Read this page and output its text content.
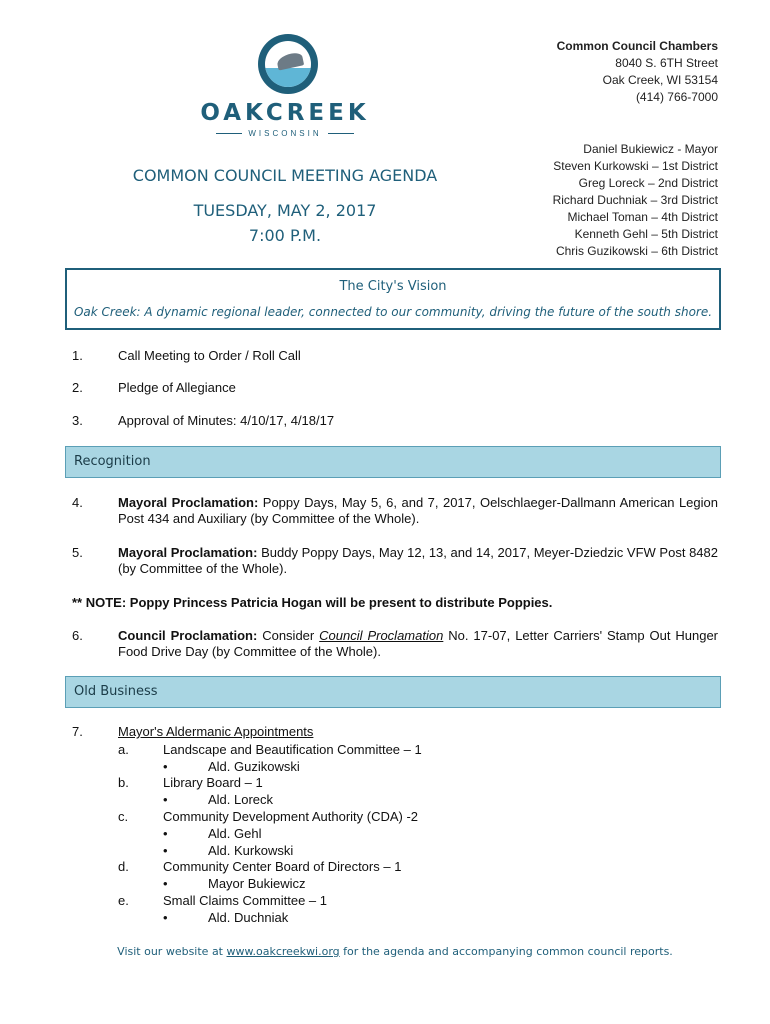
OAKCREEK
WISCONSIN
COMMON COUNCIL MEETING AGENDA
TUESDAY, MAY 2, 2017
7:00 P.M.
Common Council Chambers
8040 S. 6TH Street
Oak Creek, WI 53154
(414) 766-7000
Daniel Bukiewicz - Mayor
Steven Kurkowski – 1st District
Greg Loreck – 2nd District
Richard Duchniak – 3rd District
Michael Toman – 4th District
Kenneth Gehl – 5th District
Chris Guzikowski – 6th District
The City's Vision
Oak Creek: A dynamic regional leader, connected to our community, driving the future of the south shore.
1.	Call Meeting to Order / Roll Call
2.	Pledge of Allegiance
3.	Approval of Minutes: 4/10/17, 4/18/17
Recognition
4.	Mayoral Proclamation: Poppy Days, May 5, 6, and 7, 2017, Oelschlaeger-Dallmann American Legion Post 434 and Auxiliary (by Committee of the Whole).
5.	Mayoral Proclamation: Buddy Poppy Days, May 12, 13, and 14, 2017, Meyer-Dziedzic VFW Post 8482 (by Committee of the Whole).
** NOTE: Poppy Princess Patricia Hogan will be present to distribute Poppies.
6.	Council Proclamation: Consider Council Proclamation No. 17-07, Letter Carriers' Stamp Out Hunger Food Drive Day (by Committee of the Whole).
Old Business
7.	Mayor's Aldermanic Appointments
a.	Landscape and Beautification Committee – 1
•	Ald. Guzikowski
b.	Library Board – 1
•	Ald. Loreck
c.	Community Development Authority (CDA) -2
•	Ald. Gehl
•	Ald. Kurkowski
d.	Community Center Board of Directors – 1
•	Mayor Bukiewicz
e.	Small Claims Committee – 1
•	Ald. Duchniak
Visit our website at www.oakcreekwi.org for the agenda and accompanying common council reports.
